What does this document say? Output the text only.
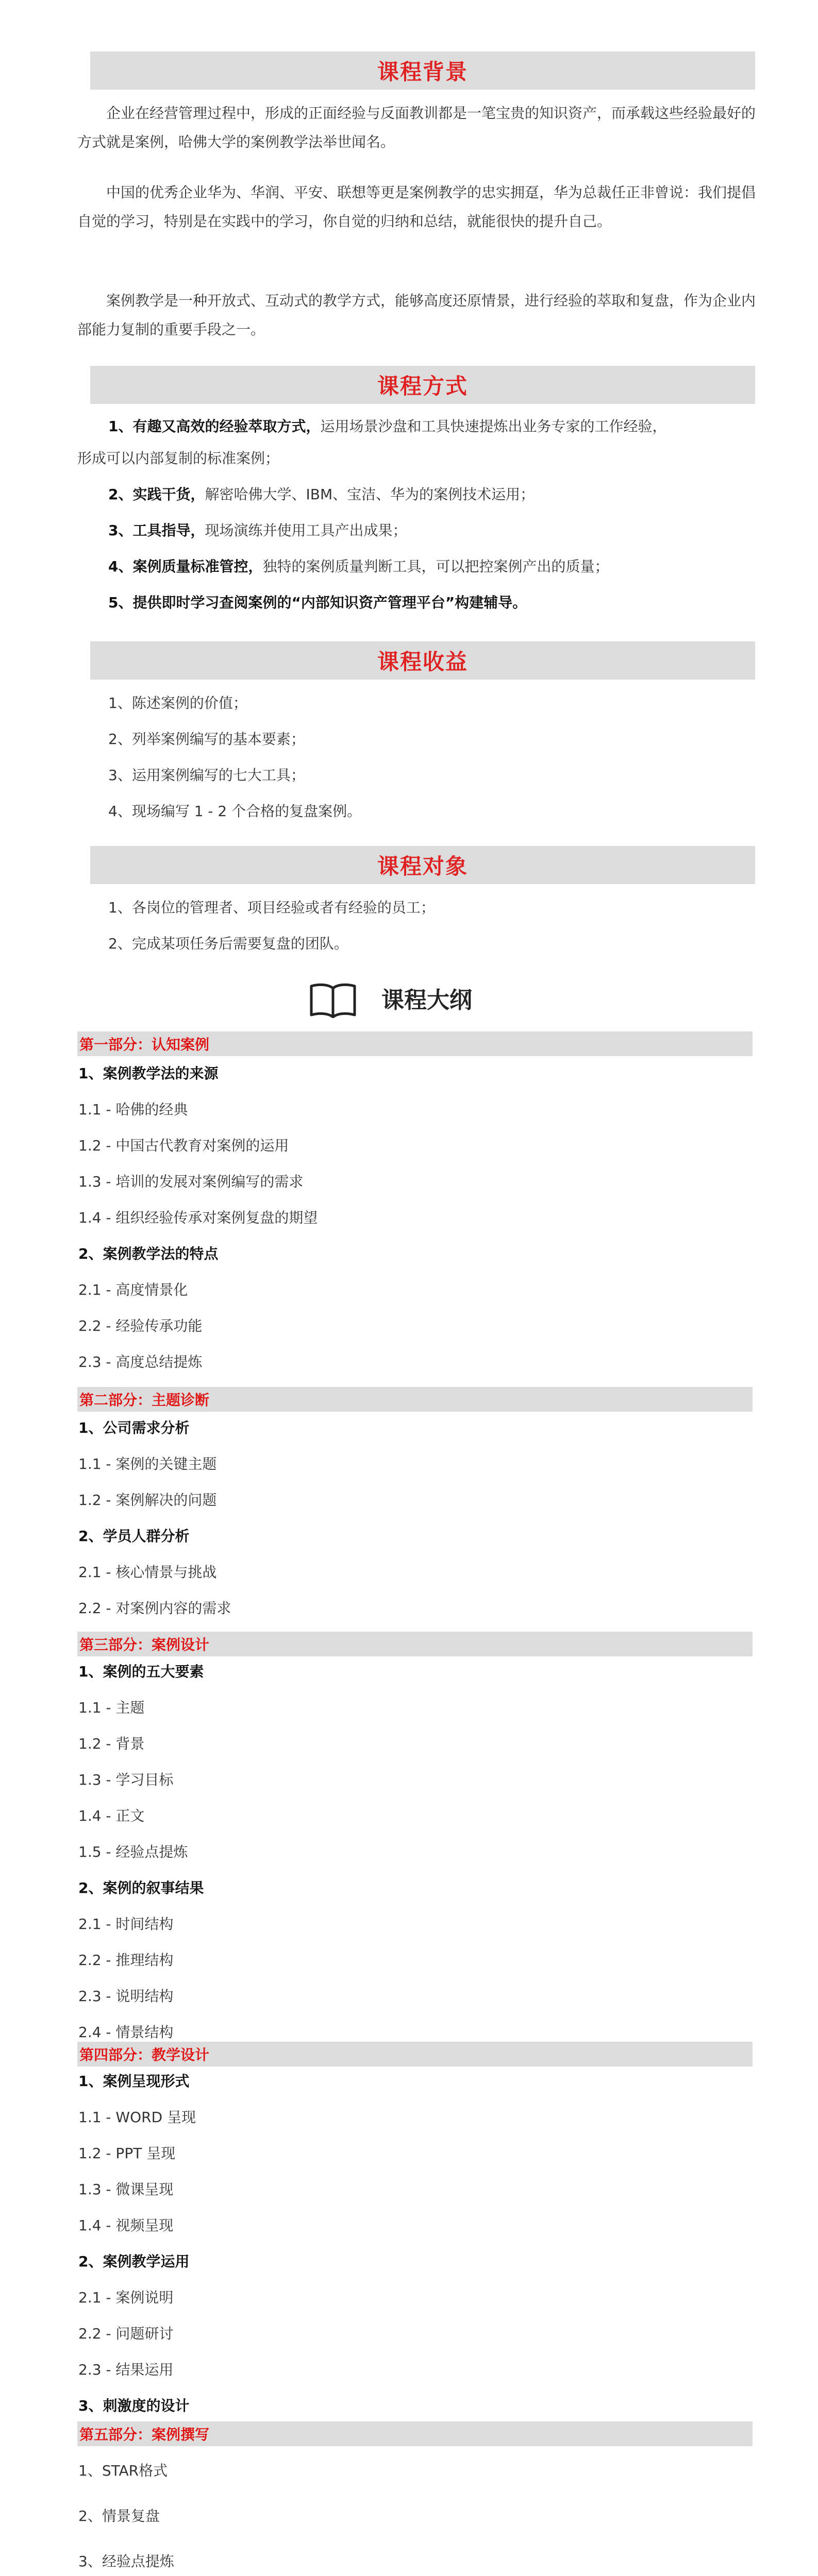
课程背景

企业在经营管理过程中，形成的正面经验与反面教训都是一笔宝贵的知识资产，而承载这些经验最好的方式就是案例，哈佛大学的案例教学法举世闻名。

中国的优秀企业华为、华润、平安、联想等更是案例教学的忠实拥趸，华为总裁任正非曾说：我们提倡自觉的学习，特别是在实践中的学习，你自觉的归纳和总结，就能很快的提升自己。

案例教学是一种开放式、互动式的教学方式，能够高度还原情景，进行经验的萃取和复盘，作为企业内部能力复制的重要手段之一。

课程方式
1、有趣又高效的经验萃取方式，运用场景沙盘和工具快速提炼出业务专家的工作经验，
形成可以内部复制的标准案例；
2、实践干货，解密哈佛大学、IBM、宝洁、华为的案例技术运用；
3、工具指导，现场演练并使用工具产出成果；
4、案例质量标准管控，独特的案例质量判断工具，可以把控案例产出的质量；
5、提供即时学习查阅案例的“内部知识资产管理平台”构建辅导。
课程收益
1、陈述案例的价值；
2、列举案例编写的基本要素；
3、运用案例编写的七大工具；
4、现场编写 1 - 2 个合格的复盘案例。
课程对象
1、各岗位的管理者、项目经验或者有经验的员工；
2、完成某项任务后需要复盘的团队。
课程大纲
第一部分：认知案例
1、案例教学法的来源
1.1 - 哈佛的经典
1.2 - 中国古代教育对案例的运用
1.3 - 培训的发展对案例编写的需求
1.4 - 组织经验传承对案例复盘的期望
2、案例教学法的特点
2.1 - 高度情景化
2.2 - 经验传承功能
2.3 - 高度总结提炼
第二部分：主题诊断
1、公司需求分析
1.1 - 案例的关键主题
1.2 - 案例解决的问题
2、学员人群分析
2.1 - 核心情景与挑战
2.2 - 对案例内容的需求
第三部分：案例设计
1、案例的五大要素
1.1 - 主题
1.2 - 背景
1.3 - 学习目标
1.4 - 正文
1.5 - 经验点提炼
2、案例的叙事结果
2.1 - 时间结构
2.2 - 推理结构
2.3 - 说明结构
2.4 - 情景结构
第四部分：教学设计
1、案例呈现形式
1.1 - WORD 呈现
1.2 - PPT 呈现
1.3 - 微课呈现
1.4 - 视频呈现
2、案例教学运用
2.1 - 案例说明
2.2 - 问题研讨
2.3 - 结果运用
3、刺激度的设计
第五部分：案例撰写
1、STAR格式
2、情景复盘
3、经验点提炼
